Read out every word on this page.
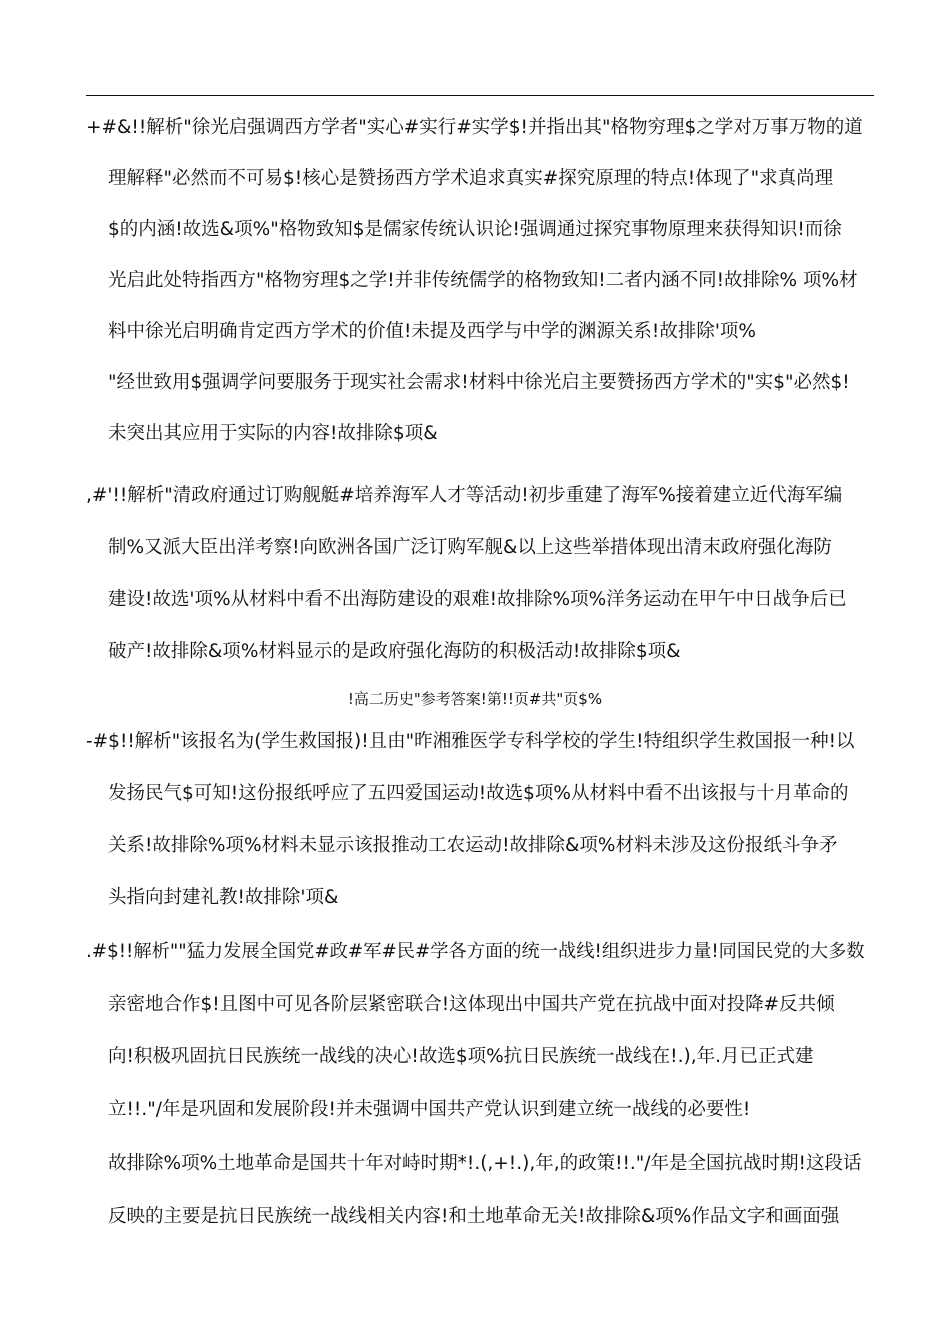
+#&!!解析"徐光启强调西方学者"实心#实行#实学$!并指出其"格物穷理$之学对万事万物的道
理解释"必然而不可易$!核心是赞扬西方学术追求真实#探究原理的特点!体现了"求真尚理
$的内涵!故选&项%"格物致知$是儒家传统认识论!强调通过探究事物原理来获得知识!而徐
光启此处特指西方"格物穷理$之学!并非传统儒学的格物致知!二者内涵不同!故排除% 项%材
料中徐光启明确肯定西方学术的价值!未提及西学与中学的渊源关系!故排除'项%
"经世致用$强调学问要服务于现实社会需求!材料中徐光启主要赞扬西方学术的"实$"必然$!
未突出其应用于实际的内容!故排除$项&
,#'!!解析"清政府通过订购舰艇#培养海军人才等活动!初步重建了海军%接着建立近代海军编
制%又派大臣出洋考察!向欧洲各国广泛订购军舰&以上这些举措体现出清末政府强化海防
建设!故选'项%从材料中看不出海防建设的艰难!故排除%项%洋务运动在甲午中日战争后已
破产!故排除&项%材料显示的是政府强化海防的积极活动!故排除$项&
!高二历史"参考答案!第!!页#共"页$%
-#$!!解析"该报名为(学生救国报)!且由"昨湘雅医学专科学校的学生!特组织学生救国报一种!以
发扬民气$可知!这份报纸呼应了五四爱国运动!故选$项%从材料中看不出该报与十月革命的
关系!故排除%项%材料未显示该报推动工农运动!故排除&项%材料未涉及这份报纸斗争矛
头指向封建礼教!故排除'项&
.#$!!解析""猛力发展全国党#政#军#民#学各方面的统一战线!组织进步力量!同国民党的大多数
亲密地合作$!且图中可见各阶层紧密联合!这体现出中国共产党在抗战中面对投降#反共倾
向!积极巩固抗日民族统一战线的决心!故选$项%抗日民族统一战线在!.),年.月已正式建
立!!."/年是巩固和发展阶段!并未强调中国共产党认识到建立统一战线的必要性!
故排除%项%土地革命是国共十年对峙时期*!.(,+!.),年,的政策!!."/年是全国抗战时期!这段话
反映的主要是抗日民族统一战线相关内容!和土地革命无关!故排除&项%作品文字和画面强
